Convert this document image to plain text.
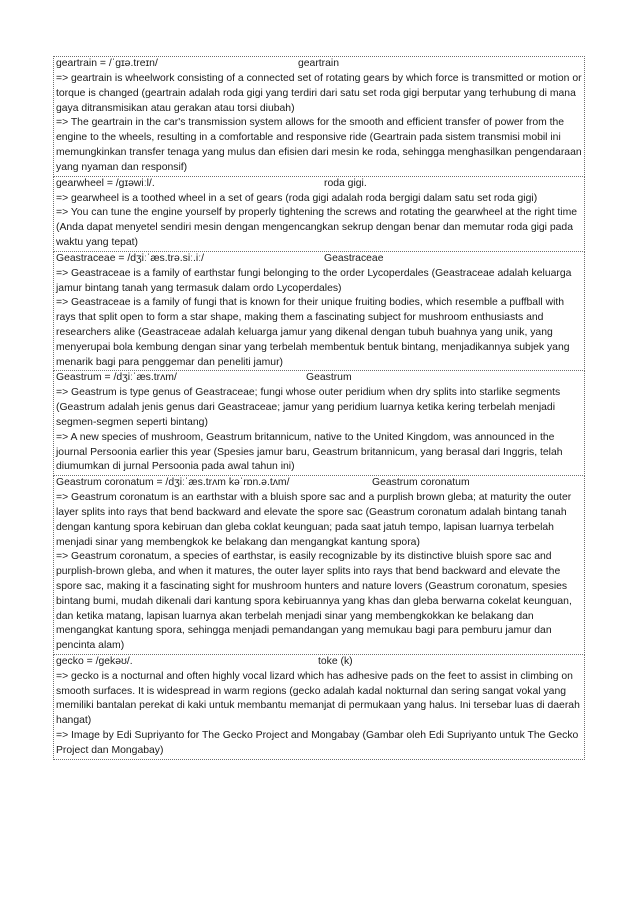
geartrain = /ˈɡɪə.treɪn/	geartrain

=> geartrain is wheelwork consisting of a connected set of rotating gears by which force is transmitted or motion or torque is changed (geartrain adalah roda gigi yang terdiri dari satu set roda gigi berputar yang terhubung di mana gaya ditransmisikan atau gerakan atau torsi diubah)

=> The geartrain in the car's transmission system allows for the smooth and efficient transfer of power from the engine to the wheels, resulting in a comfortable and responsive ride (Geartrain pada sistem transmisi mobil ini memungkinkan transfer tenaga yang mulus dan efisien dari mesin ke roda, sehingga menghasilkan pengendaraan yang nyaman dan responsif)

gearwheel = /ɡɪəwiːl/.	roda gigi.

=> gearwheel is a toothed wheel in a set of gears (roda gigi adalah roda bergigi dalam satu set roda gigi)

=> You can tune the engine yourself by properly tightening the screws and rotating the gearwheel at the right time (Anda dapat menyetel sendiri mesin dengan mengencangkan sekrup dengan benar dan memutar roda gigi pada waktu yang tepat)

Geastraceae = /dʒiːˈæs.trə.siː.iː/	Geastraceae

=> Geastraceae is a family of earthstar fungi belonging to the order Lycoperdales (Geastraceae adalah keluarga jamur bintang tanah yang termasuk dalam ordo Lycoperdales)

=> Geastraceae is a family of fungi that is known for their unique fruiting bodies, which resemble a puffball with rays that split open to form a star shape, making them a fascinating subject for mushroom enthusiasts and researchers alike (Geastraceae adalah keluarga jamur yang dikenal dengan tubuh buahnya yang unik, yang menyerupai bola kembung dengan sinar yang terbelah membentuk bentuk bintang, menjadikannya subjek yang menarik bagi para penggemar dan peneliti jamur)

Geastrum = /dʒiːˈæs.trʌm/	Geastrum

=> Geastrum is type genus of Geastraceae; fungi whose outer peridium when dry splits into starlike segments (Geastrum adalah jenis genus dari Geastraceae; jamur yang peridium luarnya ketika kering terbelah menjadi segmen-segmen seperti bintang)

=> A new species of mushroom, Geastrum britannicum, native to the United Kingdom, was announced in the journal Persoonia earlier this year (Spesies jamur baru, Geastrum britannicum, yang berasal dari Inggris, telah diumumkan di jurnal Persoonia pada awal tahun ini)

Geastrum coronatum = /dʒiːˈæs.trʌm kəˈrɒn.ə.tʌm/	Geastrum coronatum

=> Geastrum coronatum is an earthstar with a bluish spore sac and a purplish brown gleba; at maturity the outer layer splits into rays that bend backward and elevate the spore sac (Geastrum coronatum adalah bintang tanah dengan kantung spora kebiruan dan gleba coklat keunguan; pada saat jatuh tempo, lapisan luarnya terbelah menjadi sinar yang membengkok ke belakang dan mengangkat kantung spora)

=> Geastrum coronatum, a species of earthstar, is easily recognizable by its distinctive bluish spore sac and purplish-brown gleba, and when it matures, the outer layer splits into rays that bend backward and elevate the spore sac, making it a fascinating sight for mushroom hunters and nature lovers (Geastrum coronatum, spesies bintang bumi, mudah dikenali dari kantung spora kebiruannya yang khas dan gleba berwarna cokelat keunguan, dan ketika matang, lapisan luarnya akan terbelah menjadi sinar yang membengkokkan ke belakang dan mengangkat kantung spora, sehingga menjadi pemandangan yang memukau bagi para pemburu jamur dan pencinta alam)

gecko = /ɡekəʊ/.	toke (k)

=> gecko is a nocturnal and often highly vocal lizard which has adhesive pads on the feet to assist in climbing on smooth surfaces. It is widespread in warm regions (gecko adalah kadal nokturnal dan sering sangat vokal yang memiliki bantalan perekat di kaki untuk membantu memanjat di permukaan yang halus. Ini tersebar luas di daerah hangat)

=> Image by Edi Supriyanto for The Gecko Project and Mongabay (Gambar oleh Edi Supriyanto untuk The Gecko Project dan Mongabay)
